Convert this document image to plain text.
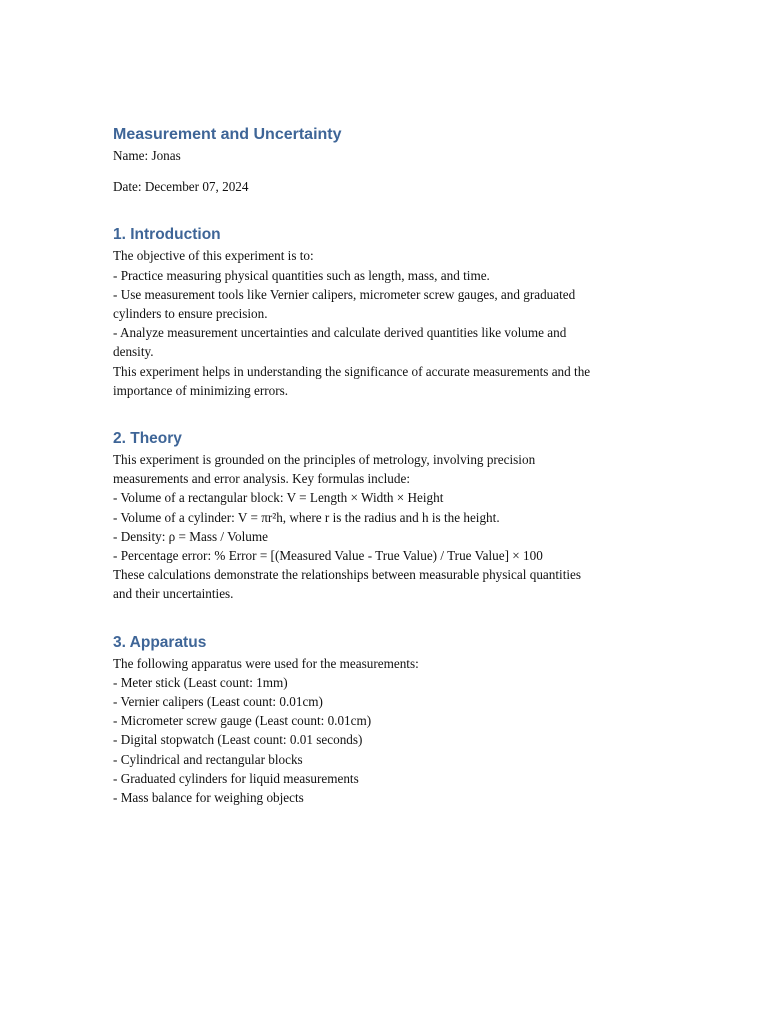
Measurement and Uncertainty

Name: Jonas

Date: December 07, 2024

1. Introduction

The objective of this experiment is to:

- Practice measuring physical quantities such as length, mass, and time.

- Use measurement tools like Vernier calipers, micrometer screw gauges, and graduated

cylinders to ensure precision.

- Analyze measurement uncertainties and calculate derived quantities like volume and

density.

This experiment helps in understanding the significance of accurate measurements and the

importance of minimizing errors.

2. Theory

This experiment is grounded on the principles of metrology, involving precision

measurements and error analysis. Key formulas include:

- Volume of a rectangular block: V = Length × Width × Height

- Volume of a cylinder: V = πr²h, where r is the radius and h is the height.

- Density: ρ = Mass / Volume

- Percentage error: % Error = [(Measured Value - True Value) / True Value] × 100

These calculations demonstrate the relationships between measurable physical quantities

and their uncertainties.

3. Apparatus

The following apparatus were used for the measurements:

- Meter stick (Least count: 1mm)

- Vernier calipers (Least count: 0.01cm)

- Micrometer screw gauge (Least count: 0.01cm)

- Digital stopwatch (Least count: 0.01 seconds)

- Cylindrical and rectangular blocks

- Graduated cylinders for liquid measurements

- Mass balance for weighing objects
